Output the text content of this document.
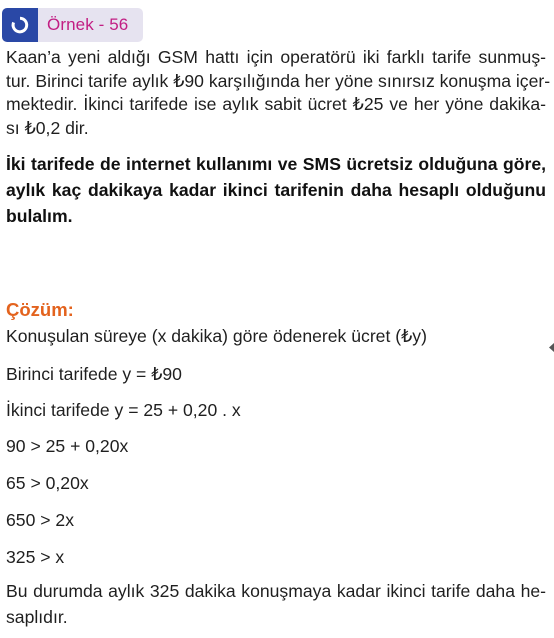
Örnek - 56

Kaan’a yeni aldığı GSM hattı için operatörü iki farklı tarife sunmuş-
tur. Birinci tarife aylık ₺90 karşılığında her yöne sınırsız konuşma içer-
mektedir. İkinci tarifede ise aylık sabit ücret ₺25 ve her yöne dakika-
sı ₺0,2 dir.

İki tarifede de internet kullanımı ve SMS ücretsiz olduğuna göre,
aylık kaç dakikaya kadar ikinci tarifenin daha hesaplı olduğunu
bulalım.

Çözüm:

Konuşulan süreye (x dakika) göre ödenerek ücret (₺y)

Birinci tarifede y = ₺90

İkinci tarifede y = 25 + 0,20 . x

90 > 25 + 0,20x

65 > 0,20x

650 > 2x

325 > x

Bu durumda aylık 325 dakika konuşmaya kadar ikinci tarife daha he-
saplıdır.
